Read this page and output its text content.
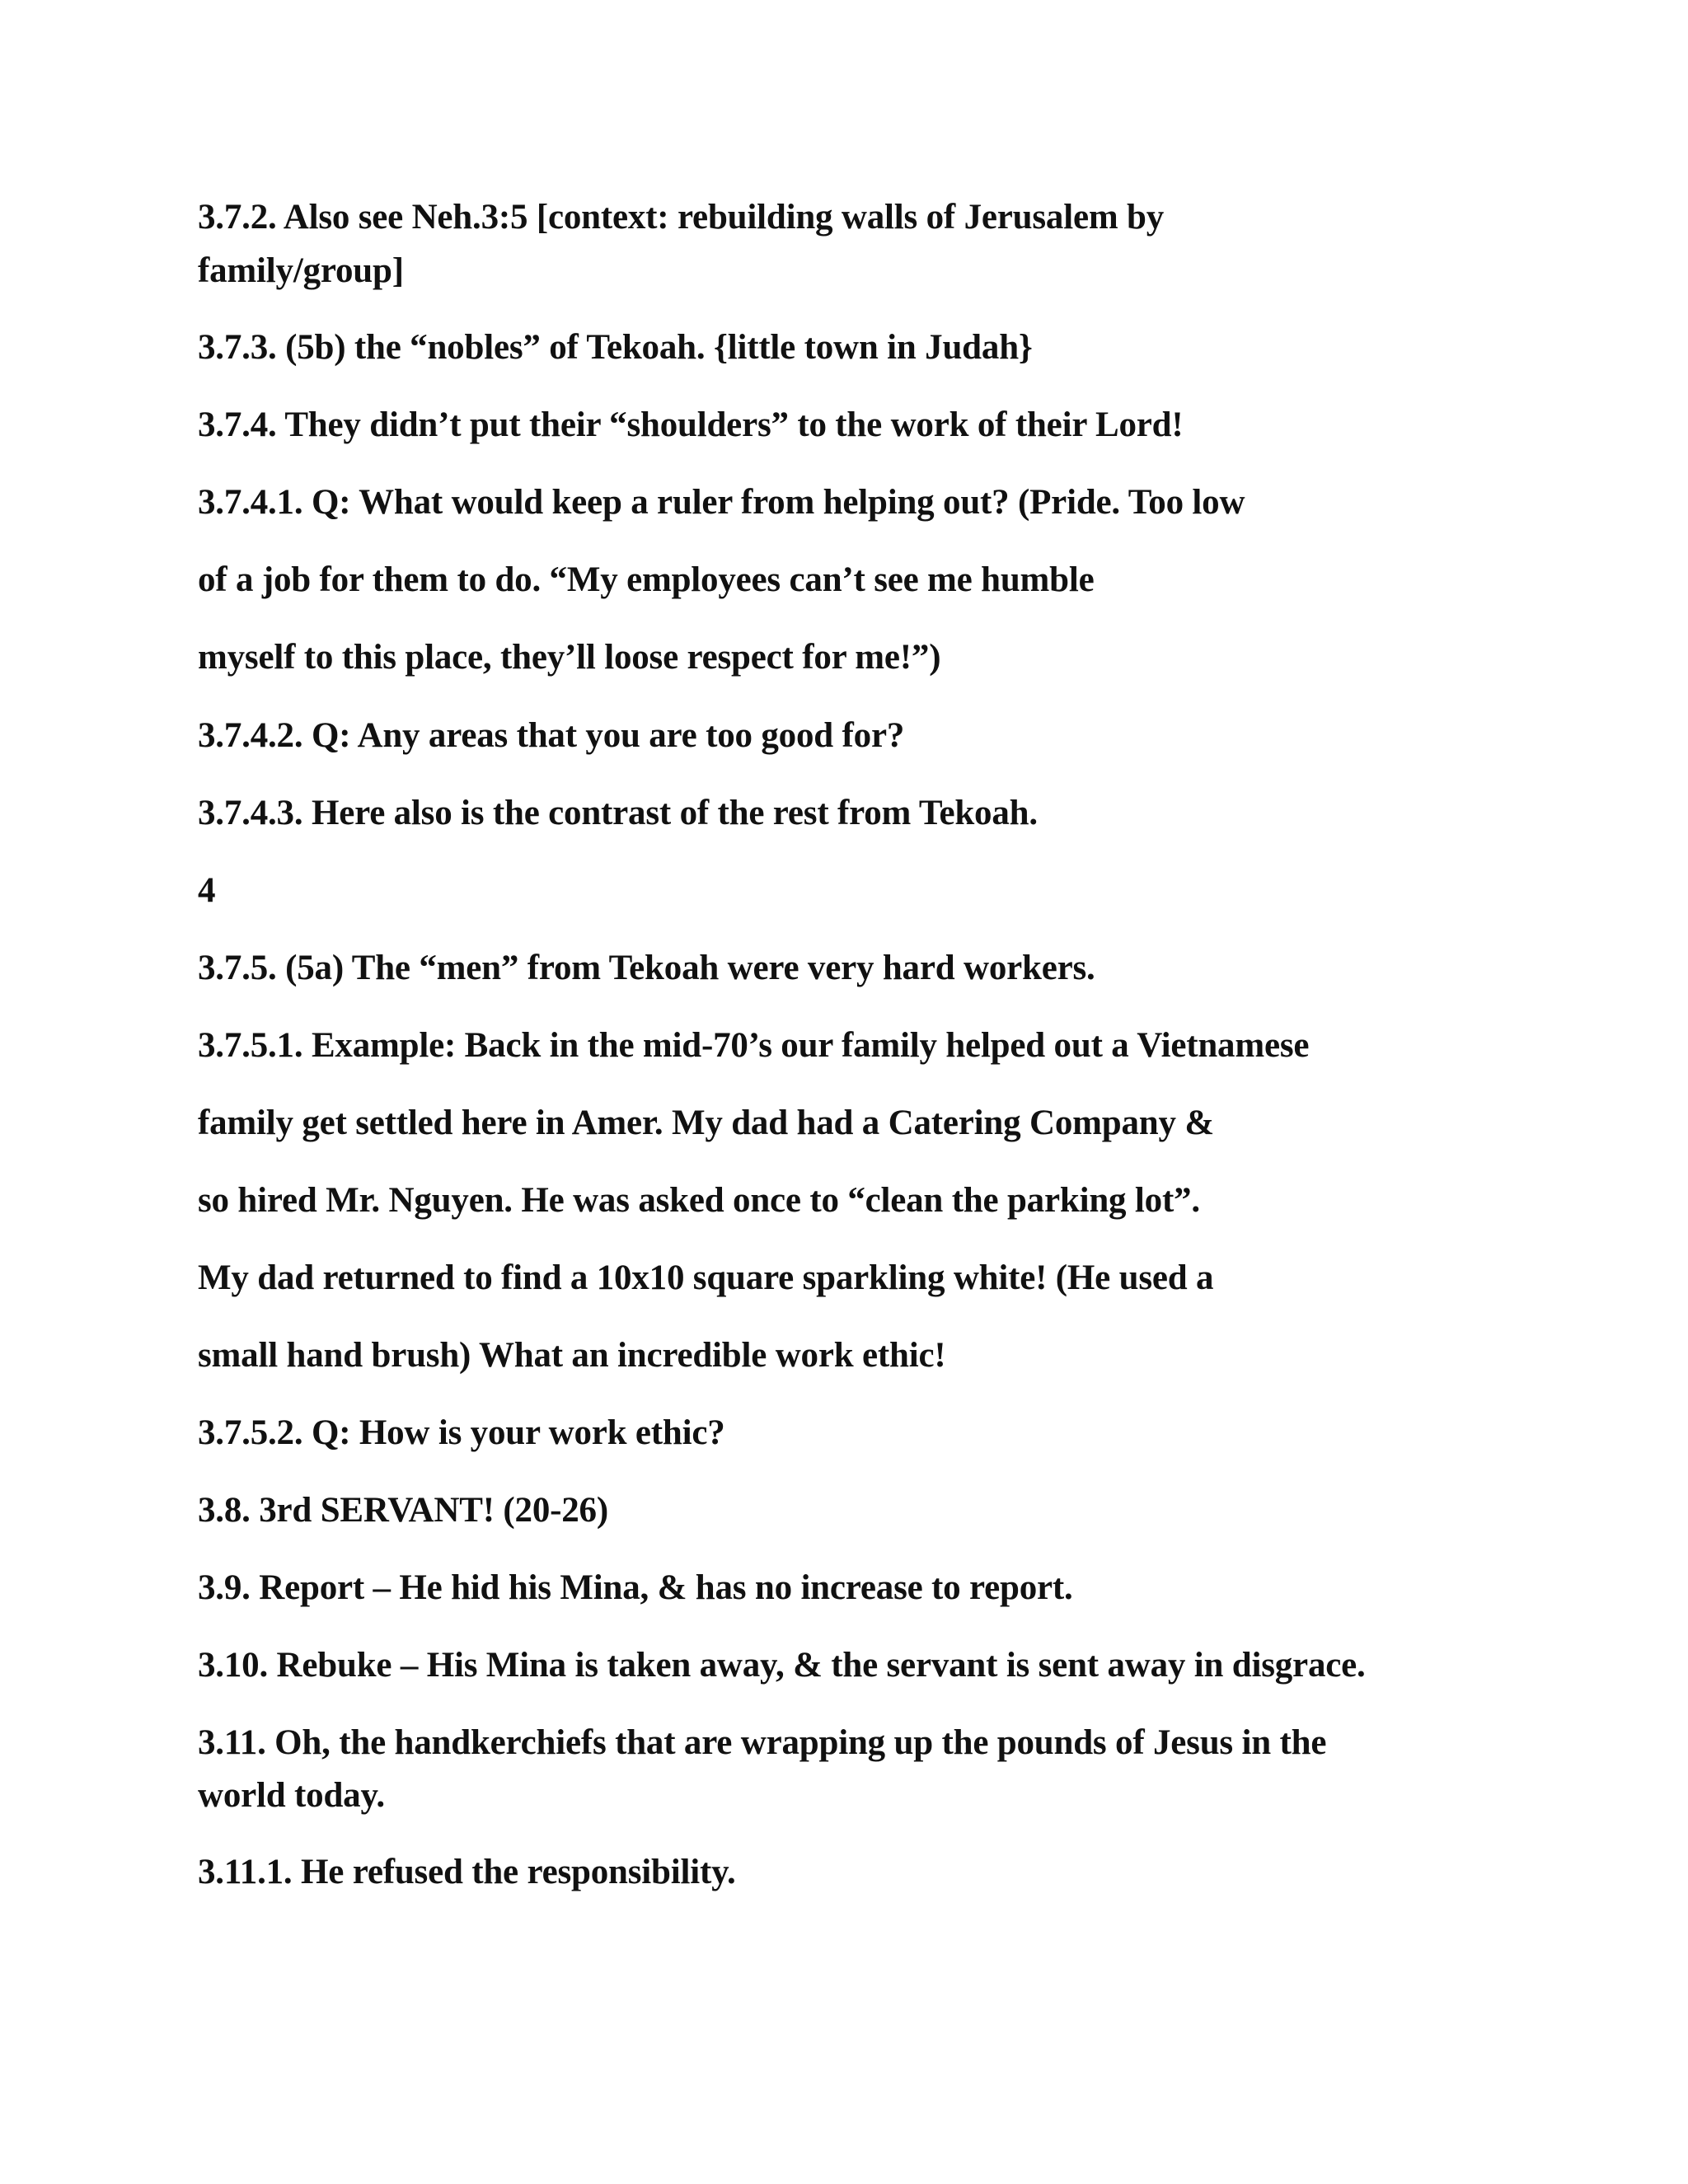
3.7.2. Also see Neh.3:5 [context: rebuilding walls of Jerusalem by
family/group]
3.7.3. (5b) the “nobles” of Tekoah. {little town in Judah}
3.7.4. They didn’t put their “shoulders” to the work of their Lord!
3.7.4.1. Q: What would keep a ruler from helping out? (Pride. Too low
of a job for them to do. “My employees can’t see me humble
myself to this place, they’ll loose respect for me!”)
3.7.4.2. Q: Any areas that you are too good for?
3.7.4.3. Here also is the contrast of the rest from Tekoah.
4
3.7.5. (5a) The “men” from Tekoah were very hard workers.
3.7.5.1. Example: Back in the mid-70’s our family helped out a Vietnamese
family get settled here in Amer. My dad had a Catering Company &
so hired Mr. Nguyen. He was asked once to “clean the parking lot”.
My dad returned to find a 10x10 square sparkling white! (He used a
small hand brush) What an incredible work ethic!
3.7.5.2. Q: How is your work ethic?
3.8. 3rd SERVANT! (20-26)
3.9. Report – He hid his Mina, & has no increase to report.
3.10. Rebuke – His Mina is taken away, & the servant is sent away in disgrace.
3.11. Oh, the handkerchiefs that are wrapping up the pounds of Jesus in the
world today.
3.11.1. He refused the responsibility.
